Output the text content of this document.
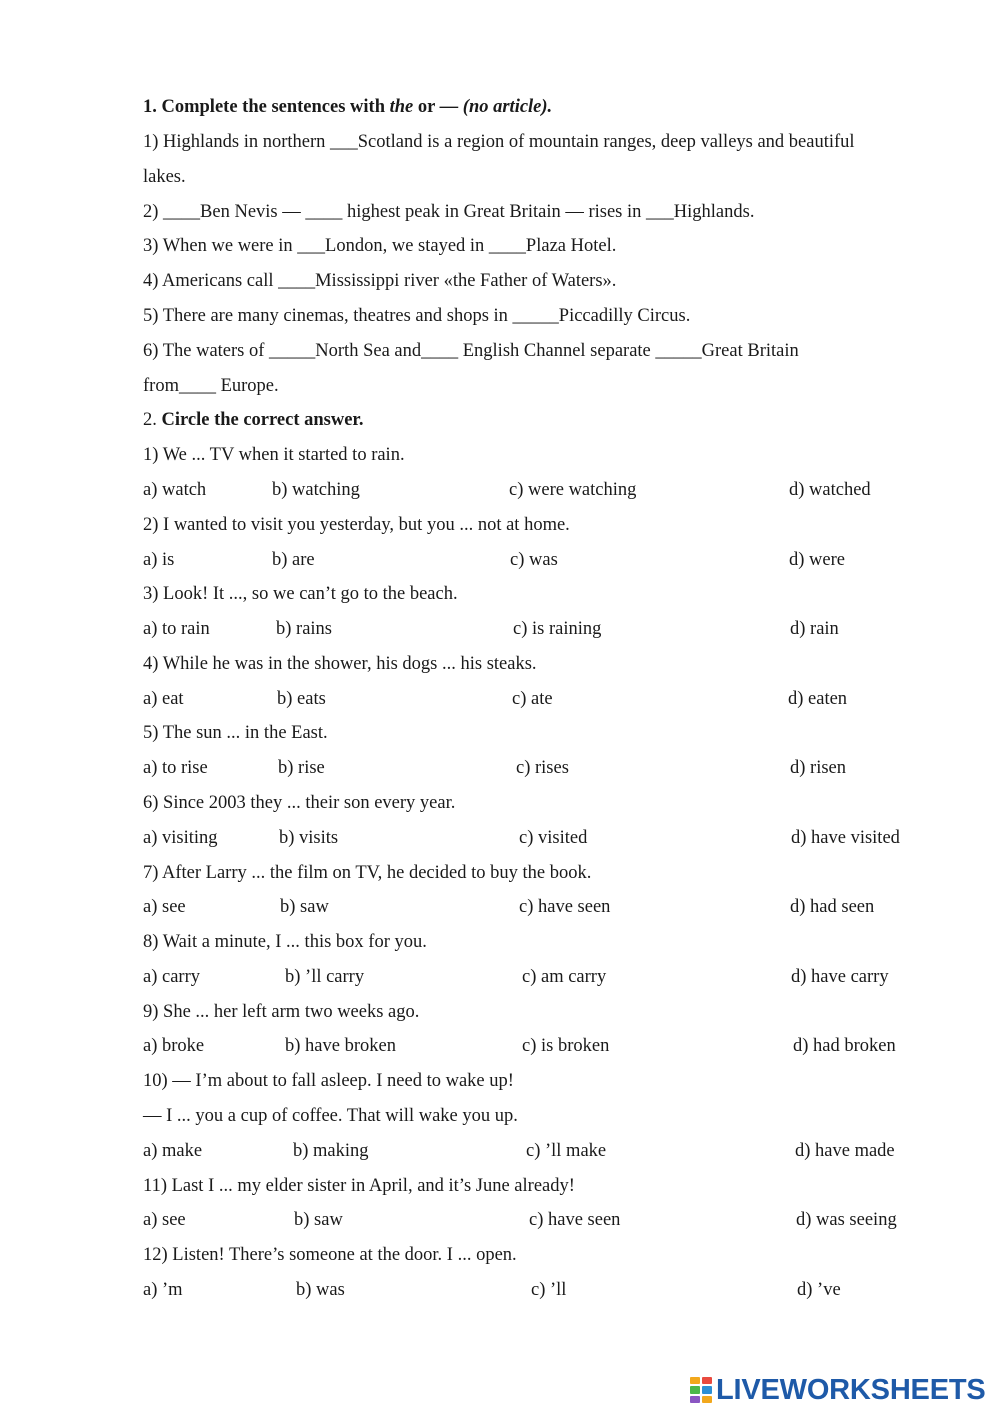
1. Complete the sentences with the or — (no article).
1) Highlands in northern ___Scotland is a region of mountain ranges, deep valleys and beautiful
lakes.
2) ____Ben Nevis — ____ highest peak in Great Britain — rises in ___Highlands.
3) When we were in ___London, we stayed in ____Plaza Hotel.
4) Americans call ____Mississippi river «the Father of Waters».
5) There are many cinemas, theatres and shops in _____Piccadilly Circus.
6) The waters of _____North Sea and____ English Channel separate _____Great Britain
from____ Europe.
2. Circle the correct answer.
1) We ... TV when it started to rain.
a) watch	b) watching	c) were watching	d) watched
2) I wanted to visit you yesterday, but you ... not at home.
a) is	b) are	c) was	d) were
3) Look! It ..., so we can’t go to the beach.
a) to rain	b) rains	c) is raining	d) rain
4) While he was in the shower, his dogs ... his steaks.
a) eat	b) eats	c) ate	d) eaten
5) The sun ... in the East.
a) to rise	b) rise	c) rises	d) risen
6) Since 2003 they ... their son every year.
a) visiting	b) visits	c) visited	d) have visited
7) After Larry ... the film on TV, he decided to buy the book.
a) see	b) saw	c) have seen	d) had seen
8) Wait a minute, I ... this box for you.
a) carry	b) ’ll carry	c) am carry	d) have carry
9) She ... her left arm two weeks ago.
a) broke	b) have broken	c) is broken	d) had broken
10) — I’m about to fall asleep. I need to wake up!
— I ... you a cup of coffee. That will wake you up.
a) make	b) making	c) ’ll make	d) have made
11) Last I ... my elder sister in April, and it’s June already!
a) see	b) saw	c) have seen	d) was seeing
12) Listen! There’s someone at the door. I ... open.
a) ’m	b) was	c) ’ll	d) ’ve
LIVEWORKSHEETS
